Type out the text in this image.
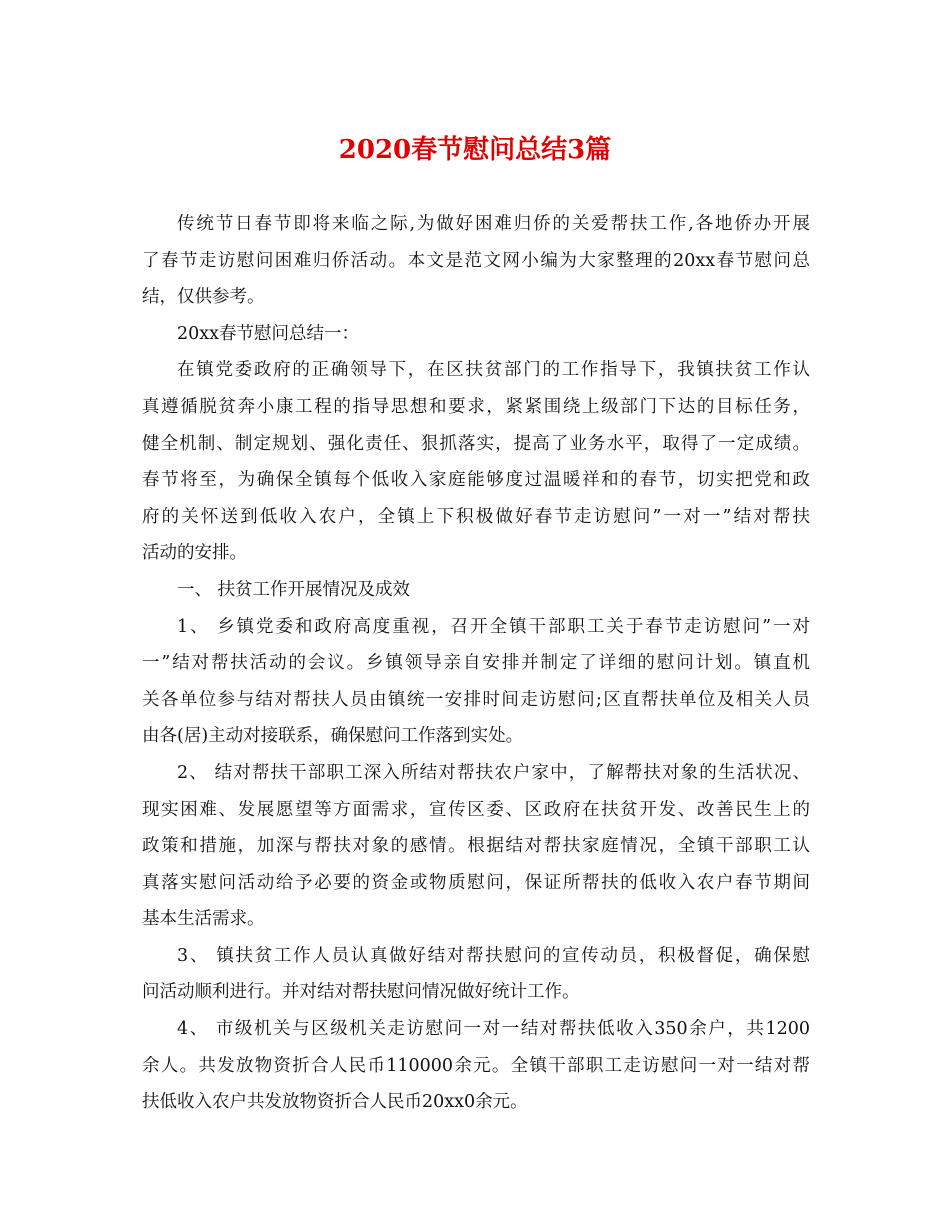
2020春节慰问总结3篇
传统节日春节即将来临之际,为做好困难归侨的关爱帮扶工作,各地侨办开展
了春节走访慰问困难归侨活动。本文是范文网小编为大家整理的20xx春节慰问总
结，仅供参考。
20xx春节慰问总结一：
在镇党委政府的正确领导下，在区扶贫部门的工作指导下，我镇扶贫工作认
真遵循脱贫奔小康工程的指导思想和要求，紧紧围绕上级部门下达的目标任务，
健全机制、制定规划、强化责任、狠抓落实，提高了业务水平，取得了一定成绩。
春节将至，为确保全镇每个低收入家庭能够度过温暖祥和的春节，切实把党和政
府的关怀送到低收入农户，全镇上下积极做好春节走访慰问”一对一”结对帮扶
活动的安排。
一、 扶贫工作开展情况及成效
1、 乡镇党委和政府高度重视，召开全镇干部职工关于春节走访慰问”一对
一”结对帮扶活动的会议。乡镇领导亲自安排并制定了详细的慰问计划。镇直机
关各单位参与结对帮扶人员由镇统一安排时间走访慰问;区直帮扶单位及相关人员
由各(居)主动对接联系，确保慰问工作落到实处。
2、 结对帮扶干部职工深入所结对帮扶农户家中，了解帮扶对象的生活状况、
现实困难、发展愿望等方面需求，宣传区委、区政府在扶贫开发、改善民生上的
政策和措施，加深与帮扶对象的感情。根据结对帮扶家庭情况，全镇干部职工认
真落实慰问活动给予必要的资金或物质慰问，保证所帮扶的低收入农户春节期间
基本生活需求。
3、 镇扶贫工作人员认真做好结对帮扶慰问的宣传动员，积极督促，确保慰
问活动顺利进行。并对结对帮扶慰问情况做好统计工作。
4、 市级机关与区级机关走访慰问一对一结对帮扶低收入350余户，共1200
余人。共发放物资折合人民币110000余元。全镇干部职工走访慰问一对一结对帮
扶低收入农户共发放物资折合人民币20xx0余元。
